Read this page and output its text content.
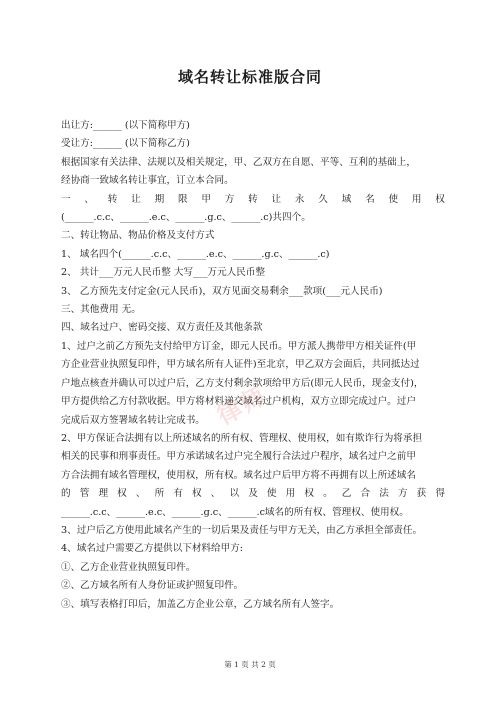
域名转让标准版合同
律师

出让方:______ (以下简称甲方)

受让方:______ (以下简称乙方)

根据国家有关法律、法规以及相关规定，甲、乙双方在自愿、平等、互利的基础上，

经协商一致域名转让事宜，订立本合同。

一 、 转 让 期 限 甲 方 转 让 永 久 域 名 使 用 权

(______.c.c、______.e.c、______.g.c、______.c)共四个。

二、转让物品、物品价格及支付方式

1、 域名四个(______.c.c、______.e.c、______.g.c、______.c)

2、 共计___万元人民币整 大写___万元人民币整

3、 乙方预先支付定金(元人民币)，双方见面交易剩余___款项(___元人民币)

三、其他费用 无。

四、域名过户、密码交接、双方责任及其他条款

1、过户之前乙方预先支付给甲方订金，即元人民币。甲方派人携带甲方相关证件(甲

方企业营业执照复印件，甲方域名所有人证件)至北京，甲乙双方会面后，共同抵达过

户地点核查并确认可以过户后，乙方支付剩余款项给甲方后(即元人民币，现金支付)，

甲方提供给乙方付款收据。甲方将材料递交域名过户机构，双方立即完成过户。过户

完成后双方签署域名转让完成书。

2、甲方保证合法拥有以上所述域名的所有权、管理权、使用权，如有欺诈行为将承担

相关的民事和刑事责任。甲方承诺域名过户完全履行合法过户程序，域名过户之前甲

方合法拥有域名管理权，使用权，所有权。域名过户后甲方将不再拥有以上所述域名

的 管 理 权 、 所 有 权 、 以 及 使 用 权 。 乙 合 法 方 获 得

______.c.c、______.e.c、______.g.c、______.c域名的所有权、管理权、使用权。

3、过户后乙方使用此域名产生的一切后果及责任与甲方无关，由乙方承担全部责任。

4、域名过户需要乙方提供以下材料给甲方:

①、乙方企业营业执照复印件。

②、乙方域名所有人身份证或护照复印件。

③、填写表格打印后，加盖乙方企业公章，乙方域名所有人签字。

第 1 页 共 2 页
